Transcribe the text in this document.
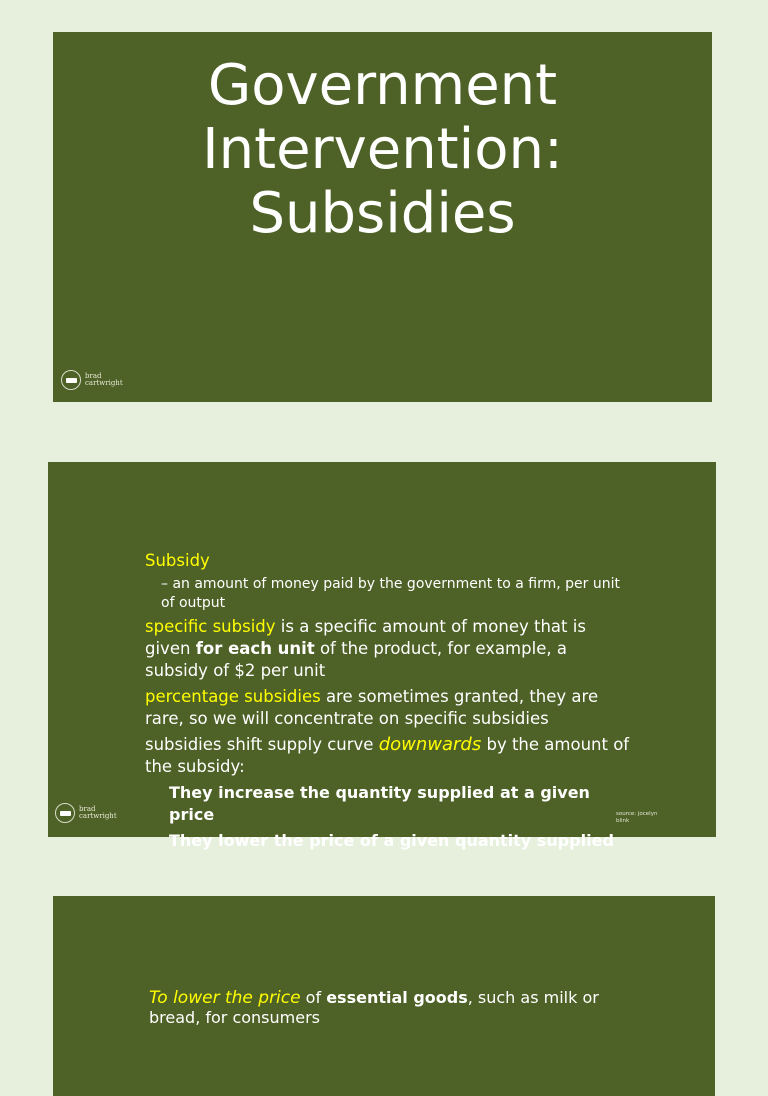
Government
Intervention:
Subsidies
brad
cartwright
Subsidy
– an amount of money paid by the government to a firm, per unit of output
specific subsidy is a specific amount of money that is given for each unit of the product, for example, a subsidy of $2 per unit
percentage subsidies are sometimes granted, they are rare, so we will concentrate on specific subsidies
subsidies shift supply curve downwards by the amount of the subsidy:
They increase the quantity supplied at a given price
They lower the price of a given quantity supplied
source: jocelyn blink
brad
cartwright
To lower the price of essential goods, such as milk or bread, for consumers
